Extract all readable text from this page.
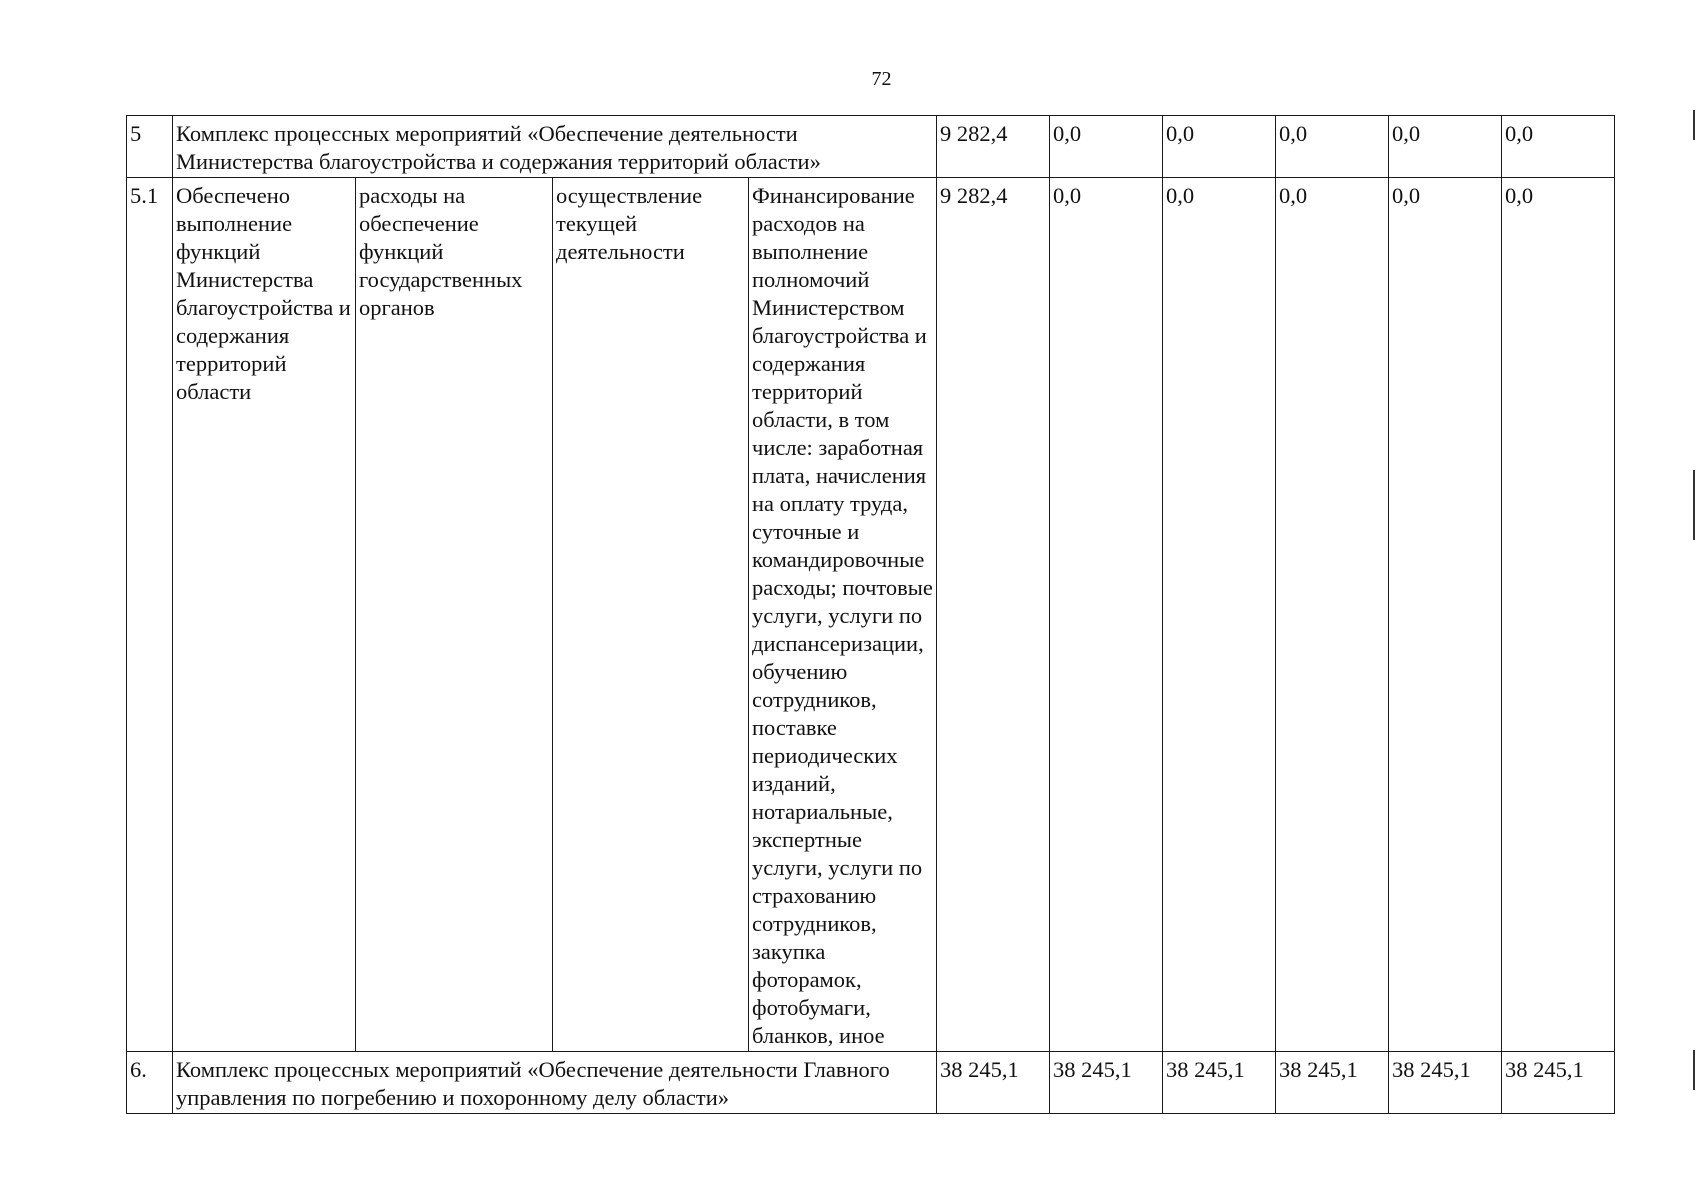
72
5	Комплекс процессных мероприятий «Обеспечение деятельности Министерства благоустройства и содержания территорий области»				9 282,4	0,0	0,0	0,0	0,0	0,0
5.1	Обеспечено выполнение функций Министерства благоустройства и содержания территорий области	расходы на обеспечение функций государственных органов	осуществление текущей деятельности	Финансирование расходов на выполнение полномочий Министерством благоустройства и содержания территорий области, в том числе: заработная плата, начисления на оплату труда, суточные и командировочные расходы; почтовые услуги, услуги по диспансеризации, обучению сотрудников, поставке периодических изданий, нотариальные, экспертные услуги, услуги по страхованию сотрудников, закупка фоторамок, фотобумаги, бланков, иное	9 282,4	0,0	0,0	0,0	0,0	0,0
6.	Комплекс процессных мероприятий «Обеспечение деятельности Главного управления по погребению и похоронному делу области»				38 245,1	38 245,1	38 245,1	38 245,1	38 245,1	38 245,1
